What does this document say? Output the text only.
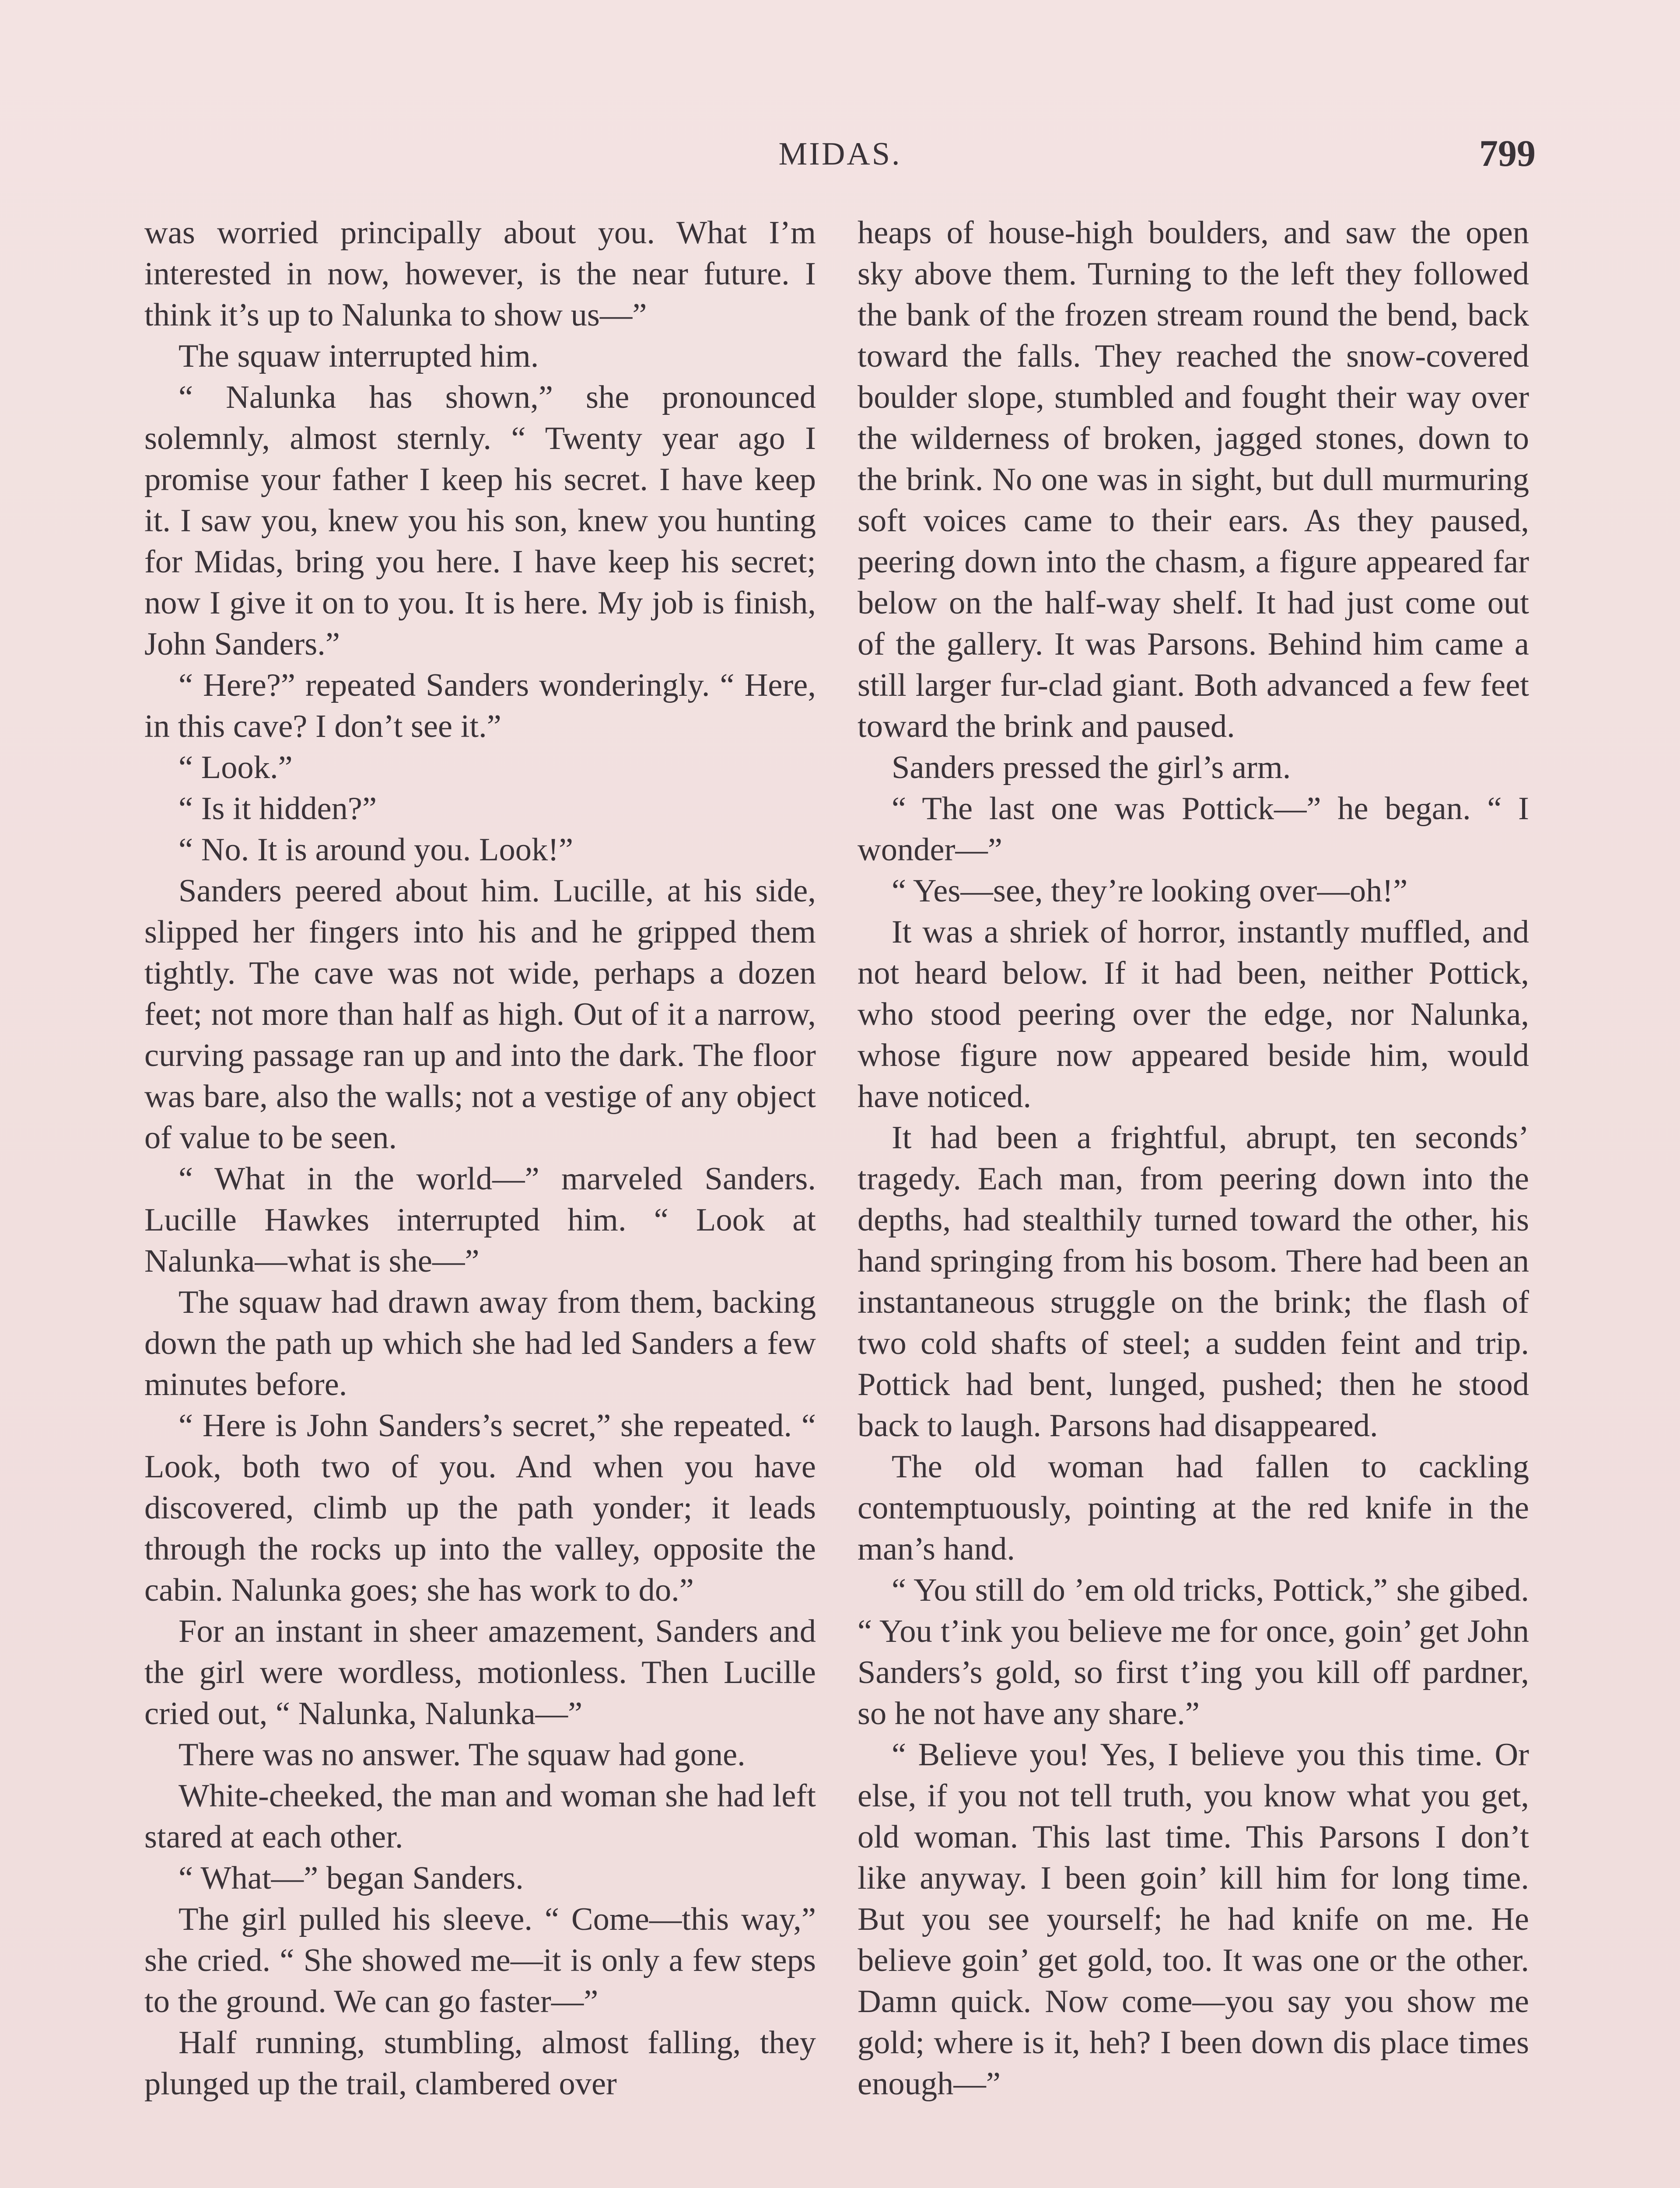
MIDAS.	799

was worried principally about you. What I’m interested in now, however, is the near future. I think it’s up to Nalunka to show us—”

The squaw interrupted him.

“ Nalunka has shown,” she pronounced solemnly, almost sternly. “ Twenty year ago I promise your father I keep his secret. I have keep it. I saw you, knew you his son, knew you hunting for Midas, bring you here. I have keep his secret; now I give it on to you. It is here. My job is finish, John Sanders.”

“ Here?” repeated Sanders wonderingly. “ Here, in this cave? I don’t see it.”

“ Look.”

“ Is it hidden?”

“ No. It is around you. Look!”

Sanders peered about him. Lucille, at his side, slipped her fingers into his and he gripped them tightly. The cave was not wide, perhaps a dozen feet; not more than half as high. Out of it a narrow, curving passage ran up and into the dark. The floor was bare, also the walls; not a vestige of any object of value to be seen.

“ What in the world—” marveled Sanders. Lucille Hawkes interrupted him. “ Look at Nalunka—what is she—”

The squaw had drawn away from them, backing down the path up which she had led Sanders a few minutes before.

“ Here is John Sanders’s secret,” she repeated. “ Look, both two of you. And when you have discovered, climb up the path yonder; it leads through the rocks up into the valley, opposite the cabin. Nalunka goes; she has work to do.”

For an instant in sheer amazement, Sanders and the girl were wordless, motionless. Then Lucille cried out, “ Nalunka, Nalunka—”

There was no answer. The squaw had gone.

White-cheeked, the man and woman she had left stared at each other.

“ What—” began Sanders.

The girl pulled his sleeve. “ Come—this way,” she cried. “ She showed me—it is only a few steps to the ground. We can go faster—”

Half running, stumbling, almost falling, they plunged up the trail, clambered over

heaps of house-high boulders, and saw the open sky above them. Turning to the left they followed the bank of the frozen stream round the bend, back toward the falls. They reached the snow-covered boulder slope, stumbled and fought their way over the wilderness of broken, jagged stones, down to the brink. No one was in sight, but dull murmuring soft voices came to their ears. As they paused, peering down into the chasm, a figure appeared far below on the half-way shelf. It had just come out of the gallery. It was Parsons. Behind him came a still larger fur-clad giant. Both advanced a few feet toward the brink and paused.

Sanders pressed the girl’s arm.

“ The last one was Pottick—” he began. “ I wonder—”

“ Yes—see, they’re looking over—oh!”

It was a shriek of horror, instantly muffled, and not heard below. If it had been, neither Pottick, who stood peering over the edge, nor Nalunka, whose figure now appeared beside him, would have noticed.

It had been a frightful, abrupt, ten seconds’ tragedy. Each man, from peering down into the depths, had stealthily turned toward the other, his hand springing from his bosom. There had been an instantaneous struggle on the brink; the flash of two cold shafts of steel; a sudden feint and trip. Pottick had bent, lunged, pushed; then he stood back to laugh. Parsons had disappeared.

The old woman had fallen to cackling contemptuously, pointing at the red knife in the man’s hand.

“ You still do ’em old tricks, Pottick,” she gibed. “ You t’ink you believe me for once, goin’ get John Sanders’s gold, so first t’ing you kill off pardner, so he not have any share.”

“ Believe you! Yes, I believe you this time. Or else, if you not tell truth, you know what you get, old woman. This last time. This Parsons I don’t like anyway. I been goin’ kill him for long time. But you see yourself; he had knife on me. He believe goin’ get gold, too. It was one or the other. Damn quick. Now come—you say you show me gold; where is it, heh? I been down dis place times enough—”
